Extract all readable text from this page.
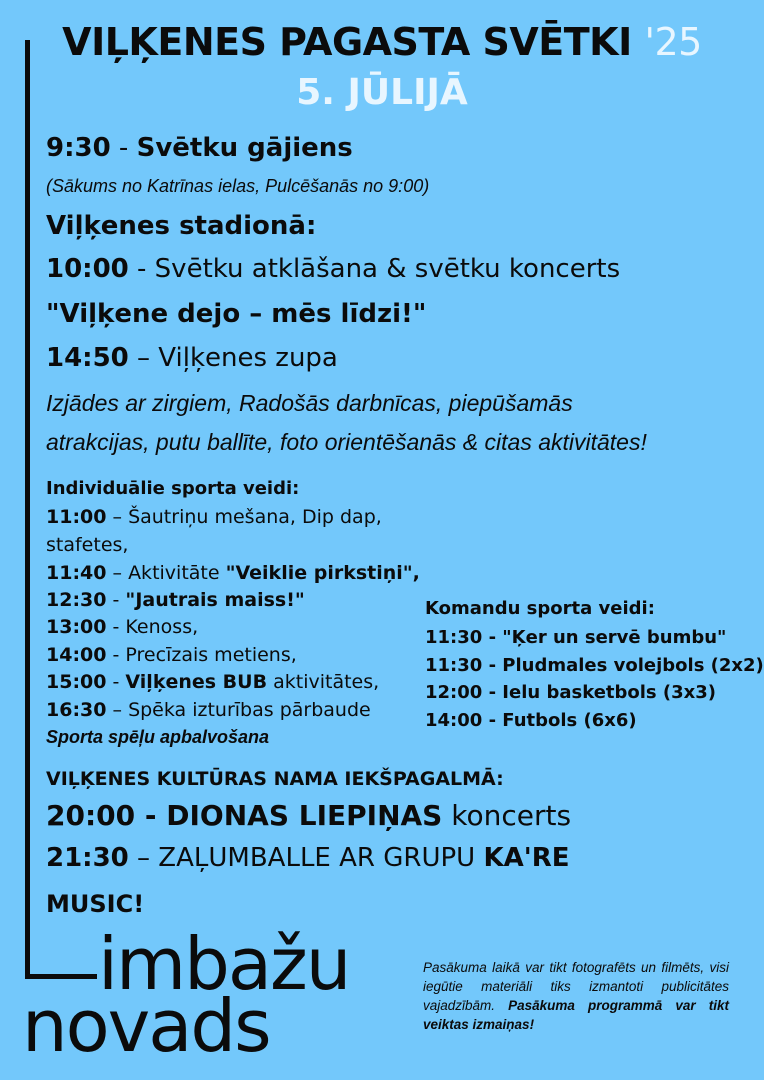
VIĻĶENES PAGASTA SVĒTKI '25
5. JŪLIJĀ
9:30 - Svētku gājiens
(Sākums no Katrīnas ielas, Pulcēšanās no 9:00)
Viļķenes stadionā:
10:00 - Svētku atklāšana & svētku koncerts
"Viļķene dejo – mēs līdzi!"
14:50 – Viļķenes zupa
Izjādes ar zirgiem, Radošās darbnīcas, piepūšamās
atrakcijas, putu ballīte, foto orientēšanās & citas aktivitātes!
Individuālie sporta veidi:
11:00 – Šautriņu mešana, Dip dap,
stafetes,
11:40 – Aktivitāte "Veiklie pirkstiņi",
12:30 - "Jautrais maiss!"
13:00 - Kenoss,
14:00 - Precīzais metiens,
15:00 - Viļķenes BUB aktivitātes,
16:30 – Spēka izturības pārbaude
Sporta spēļu apbalvošana
Komandu sporta veidi:
11:30 - "Ķer un servē bumbu"
11:30 - Pludmales volejbols (2x2)
12:00 - Ielu basketbols (3x3)
14:00 - Futbols (6x6)
VIĻĶENES KULTŪRAS NAMA IEKŠPAGALMĀ:
20:00 - DIONAS LIEPIŅAS koncerts
21:30 – ZAĻUMBALLE AR GRUPU KA'RE
MUSIC!
imbažu
novads
Pasākuma laikā var tikt fotografēts un filmēts, visi iegūtie materiāli tiks izmantoti publicitātes vajadzībām. Pasākuma programmā var tikt veiktas izmaiņas!
